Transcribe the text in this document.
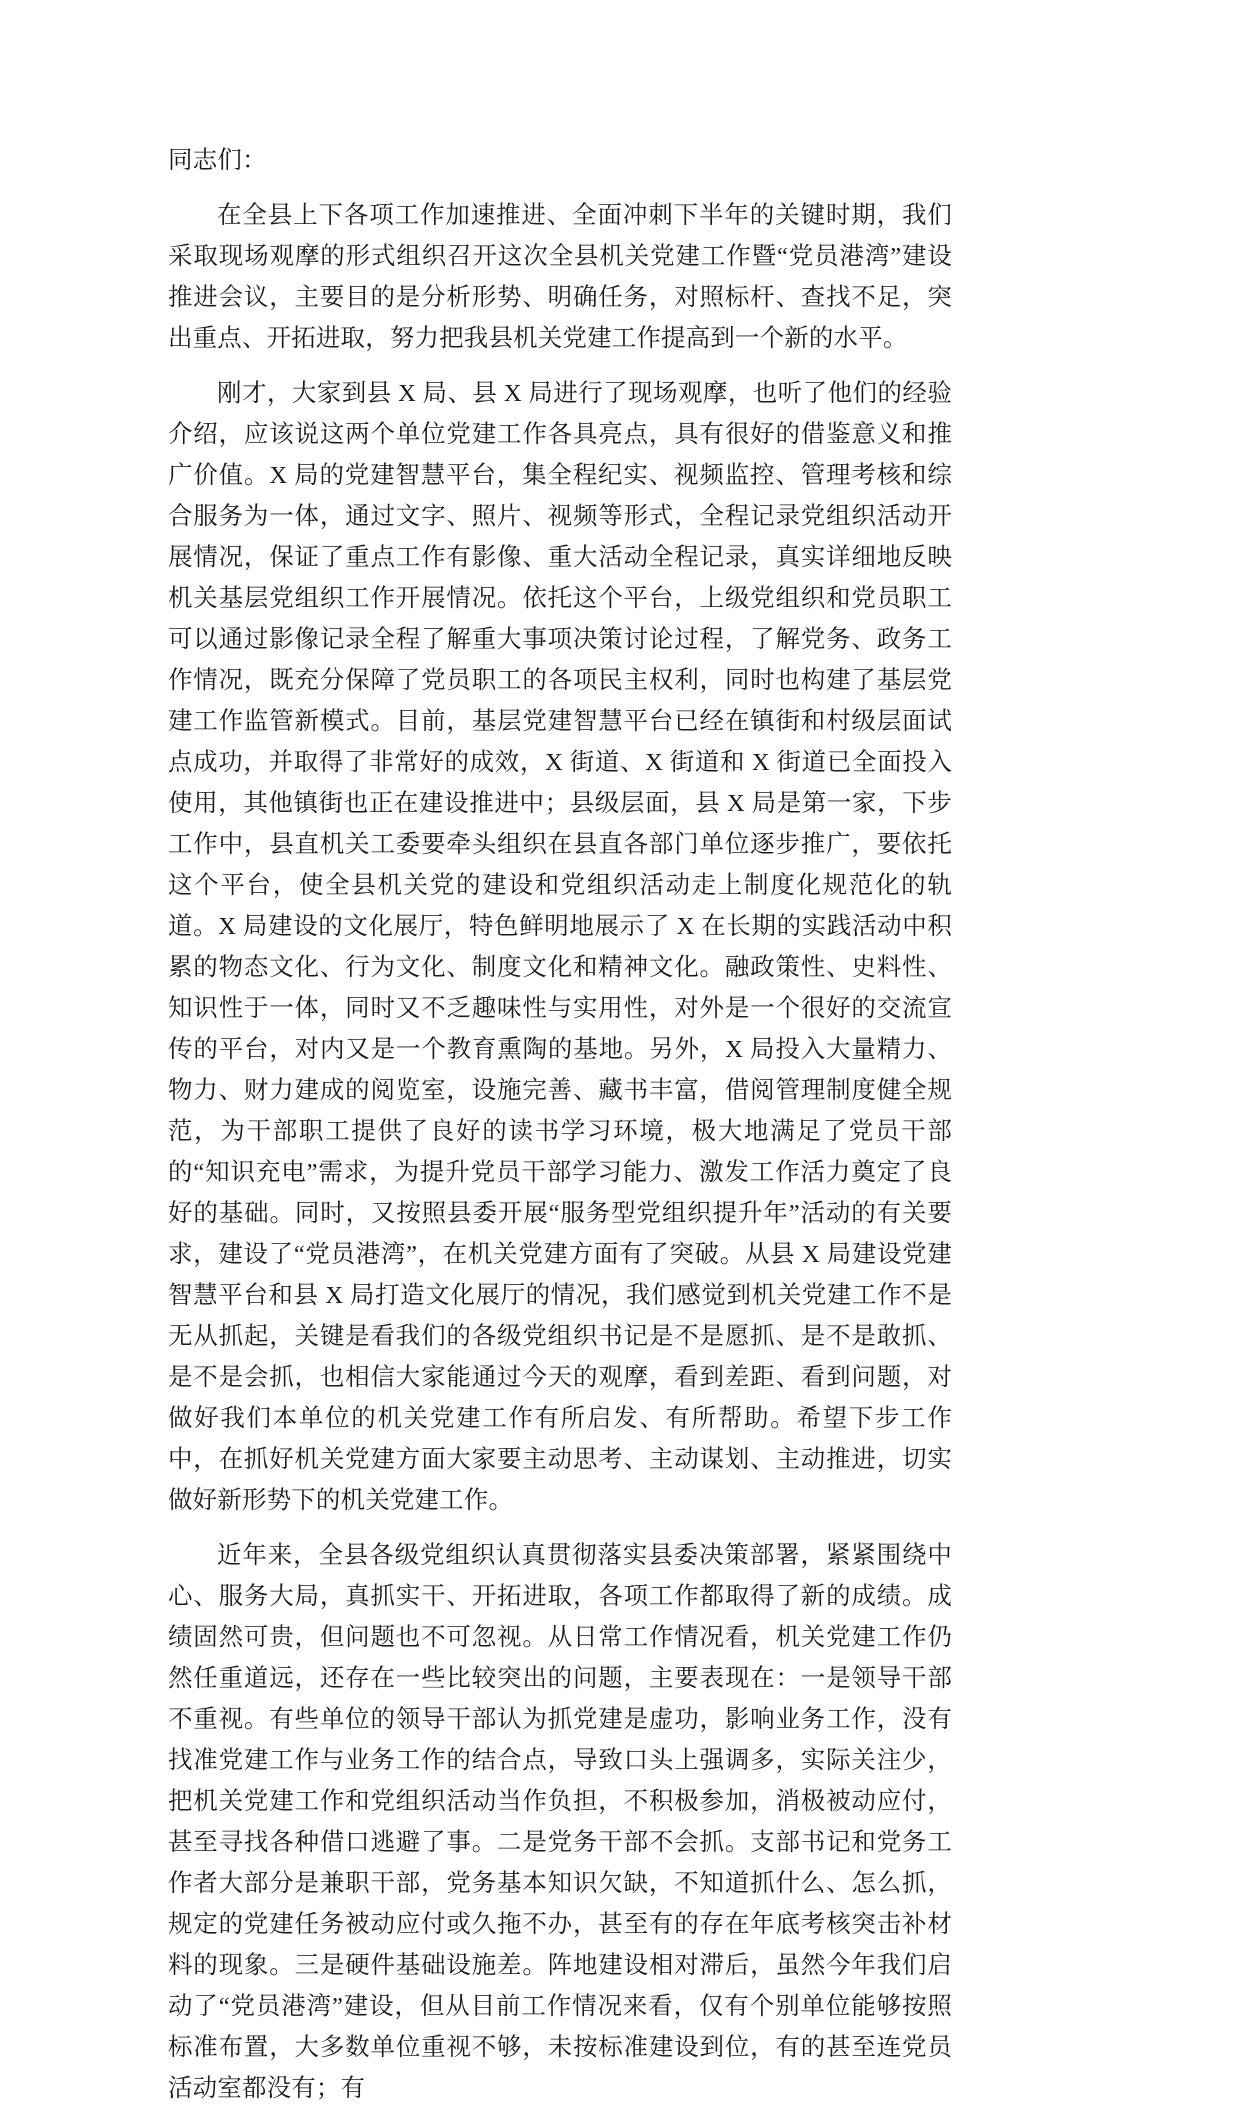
同志们：

在全县上下各项工作加速推进、全面冲刺下半年的关键时期，我们采取现场观摩的形式组织召开这次全县机关党建工作暨“党员港湾”建设推进会议，主要目的是分析形势、明确任务，对照标杆、查找不足，突出重点、开拓进取，努力把我县机关党建工作提高到一个新的水平。

刚才，大家到县 X 局、县 X 局进行了现场观摩，也听了他们的经验介绍，应该说这两个单位党建工作各具亮点，具有很好的借鉴意义和推广价值。X 局的党建智慧平台，集全程纪实、视频监控、管理考核和综合服务为一体，通过文字、照片、视频等形式，全程记录党组织活动开展情况，保证了重点工作有影像、重大活动全程记录，真实详细地反映机关基层党组织工作开展情况。依托这个平台，上级党组织和党员职工可以通过影像记录全程了解重大事项决策讨论过程，了解党务、政务工作情况，既充分保障了党员职工的各项民主权利，同时也构建了基层党建工作监管新模式。目前，基层党建智慧平台已经在镇街和村级层面试点成功，并取得了非常好的成效，X 街道、X 街道和 X 街道已全面投入使用，其他镇街也正在建设推进中；县级层面，县 X 局是第一家，下步工作中，县直机关工委要牵头组织在县直各部门单位逐步推广，要依托这个平台，使全县机关党的建设和党组织活动走上制度化规范化的轨道。X 局建设的文化展厅，特色鲜明地展示了 X 在长期的实践活动中积累的物态文化、行为文化、制度文化和精神文化。融政策性、史料性、知识性于一体，同时又不乏趣味性与实用性，对外是一个很好的交流宣传的平台，对内又是一个教育熏陶的基地。另外，X 局投入大量精力、物力、财力建成的阅览室，设施完善、藏书丰富，借阅管理制度健全规范，为干部职工提供了良好的读书学习环境，极大地满足了党员干部的“知识充电”需求，为提升党员干部学习能力、激发工作活力奠定了良好的基础。同时，又按照县委开展“服务型党组织提升年”活动的有关要求，建设了“党员港湾”，在机关党建方面有了突破。从县 X 局建设党建智慧平台和县 X 局打造文化展厅的情况，我们感觉到机关党建工作不是无从抓起，关键是看我们的各级党组织书记是不是愿抓、是不是敢抓、是不是会抓，也相信大家能通过今天的观摩，看到差距、看到问题，对做好我们本单位的机关党建工作有所启发、有所帮助。希望下步工作中，在抓好机关党建方面大家要主动思考、主动谋划、主动推进，切实做好新形势下的机关党建工作。

近年来，全县各级党组织认真贯彻落实县委决策部署，紧紧围绕中心、服务大局，真抓实干、开拓进取，各项工作都取得了新的成绩。成绩固然可贵，但问题也不可忽视。从日常工作情况看，机关党建工作仍然任重道远，还存在一些比较突出的问题，主要表现在：一是领导干部不重视。有些单位的领导干部认为抓党建是虚功，影响业务工作，没有找准党建工作与业务工作的结合点，导致口头上强调多，实际关注少，把机关党建工作和党组织活动当作负担，不积极参加，消极被动应付，甚至寻找各种借口逃避了事。二是党务干部不会抓。支部书记和党务工作者大部分是兼职干部，党务基本知识欠缺，不知道抓什么、怎么抓，规定的党建任务被动应付或久拖不办，甚至有的存在年底考核突击补材料的现象。三是硬件基础设施差。阵地建设相对滞后，虽然今年我们启动了“党员港湾”建设，但从目前工作情况来看，仅有个别单位能够按照标准布置，大多数单位重视不够，未按标准建设到位，有的甚至连党员活动室都没有；有
